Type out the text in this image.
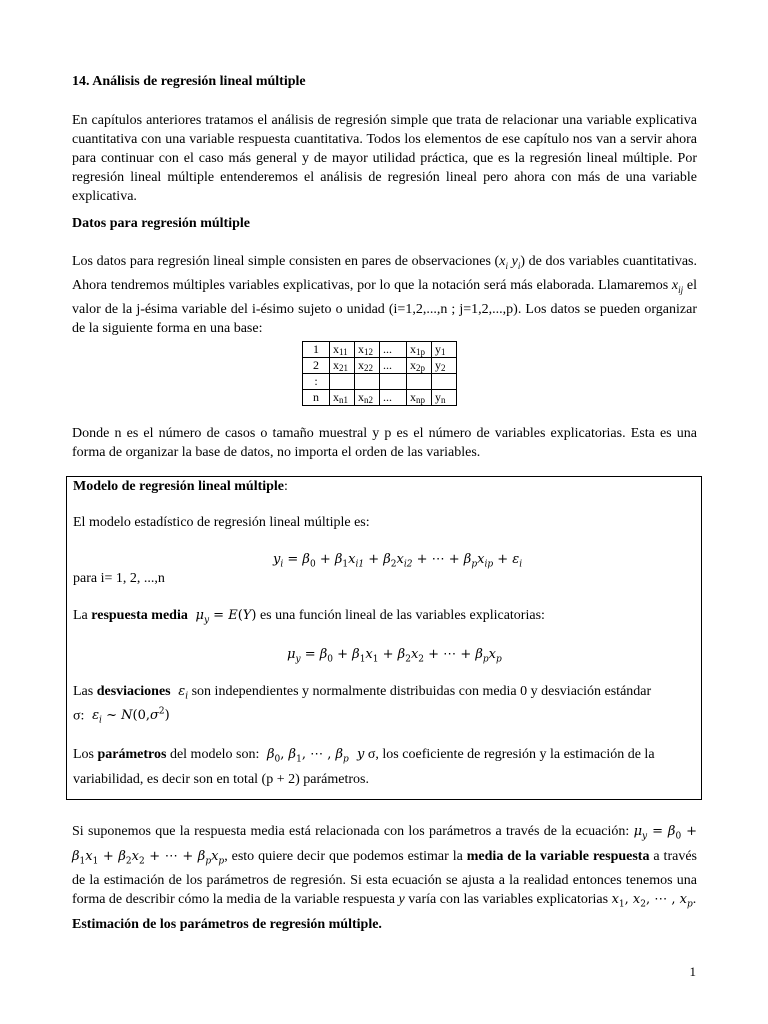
14. Análisis de regresión lineal múltiple
En capítulos anteriores tratamos el análisis de regresión simple que trata de relacionar una variable explicativa cuantitativa con una variable respuesta cuantitativa. Todos los elementos de ese capítulo nos van a servir ahora para continuar con el caso más general y de mayor utilidad práctica, que es la regresión lineal múltiple. Por regresión lineal múltiple entenderemos el análisis de regresión lineal pero ahora con más de una variable explicativa.
Datos para regresión múltiple
Los datos para regresión lineal simple consisten en pares de observaciones ($x_i$ $y_i$) de dos variables cuantitativas. Ahora tendremos múltiples variables explicativas, por lo que la notación será más elaborada. Llamaremos $x_{ij}$ el valor de la j-ésima variable del i-ésimo sujeto o unidad (i=1,2,...,n ; j=1,2,...,p). Los datos se pueden organizar de la siguiente forma en una base:
1	x11	x12	...	x1p	y1
2	x21	x22	...	x2p	y2
:					
n	xn1	xn2	...	xnp	yn
Donde n es el número de casos o tamaño muestral y p es el número de variables explicatorias. Esta es una forma de organizar la base de datos, no importa el orden de las variables.
Modelo de regresión lineal múltiple:
El modelo estadístico de regresión lineal múltiple es:
$y_i = \beta_0 + \beta_1x_{i1} + \beta_2x_{i2}$ + ⋯ + $\beta_px_{ip} + \varepsilon_i$
para i= 1, 2, ...,n
La respuesta media  $\mu_y = E(Y)$ es una función lineal de las variables explicatorias:
$\mu_y = \beta_0 + \beta_1x_1 + \beta_2x_2$ + ⋯ + $\beta_px_p$
Las desviaciones  $\varepsilon_i$ son independientes y normalmente distribuidas con media 0 y desviación estándar
σ:  $\varepsilon_i$ ~ $N(0,\sigma^2)$
Los parámetros del modelo son:  $\beta_0$, $\beta_1$, ⋯ , $\beta_p$  y σ, los coeficiente de regresión y la estimación de la variabilidad, es decir son en total (p + 2) parámetros.
Si suponemos que la respuesta media está relacionada con los parámetros a través de la ecuación: $\mu_y = \beta_0 + \beta_1x_1 + \beta_2x_2$ + ⋯ + $\beta_px_p$, esto quiere decir que podemos estimar la media de la variable respuesta a través de la estimación de los parámetros de regresión. Si esta ecuación se ajusta a la realidad entonces tenemos una forma de describir cómo la media de la variable respuesta y varía con las variables explicatorias $x_1$, $x_2$, ⋯ , $x_p$.
Estimación de los parámetros de regresión múltiple.
1
